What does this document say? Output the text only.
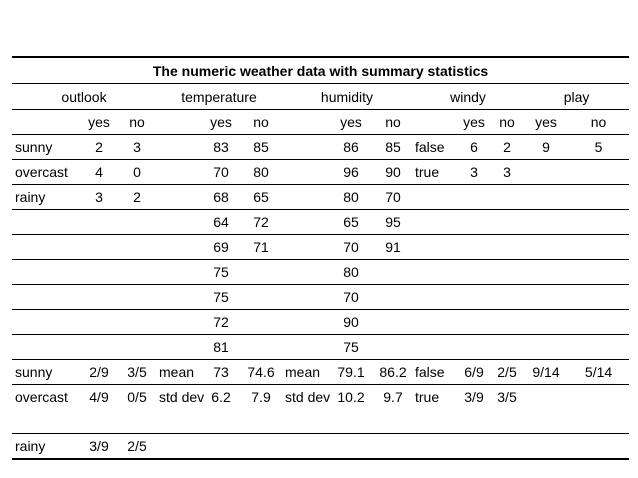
The numeric weather data with summary statistics													
outlook			temperature			humidity			windy			play	
	yes	no		yes	no		yes	no		yes	no	yes	no
sunny	2	3		83	85		86	85	false	6	2	9	5
overcast	4	0		70	80		96	90	true	3	3		
rainy	3	2		68	65		80	70					
				64	72		65	95					
				69	71		70	91					
				75			80						
				75			70						
				72			90						
				81			75						
sunny	2/9	3/5	mean	73	74.6	mean	79.1	86.2	false	6/9	2/5	9/14	5/14
overcast	4/9	0/5	std dev	6.2	7.9	std dev	10.2	9.7	true	3/9	3/5		
rainy	3/9	2/5											
